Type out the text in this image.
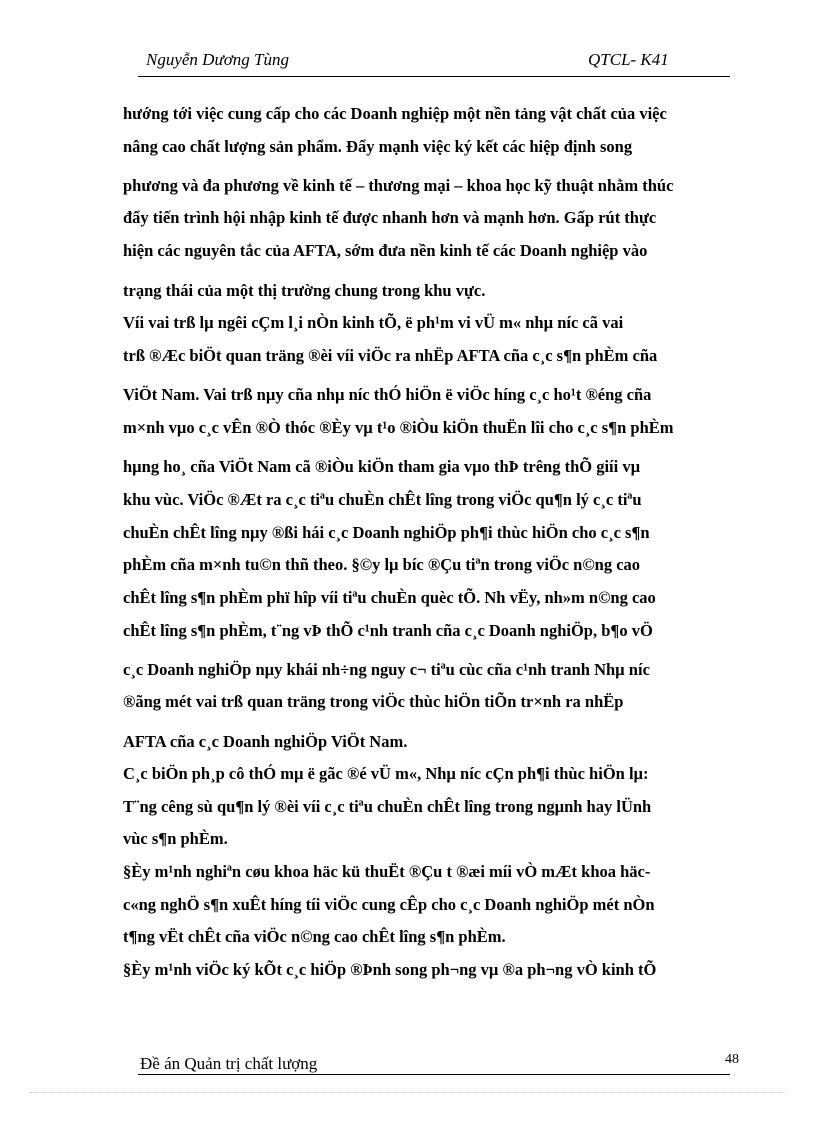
Nguyễn Dương Tùng	QTCL- K41
hướng tới việc cung cấp cho các Doanh nghiệp một nền tảng vật chất của việc
nâng cao chất lượng sản phẩm. Đẩy mạnh việc ký kết các hiệp định song
phương và đa phương về kinh tế – thương mại – khoa học kỹ thuật nhằm thúc
đẩy tiến trình hội nhập kinh tế được nhanh hơn và mạnh hơn. Gấp rút thực
hiện các nguyên tắc của AFTA, sớm đưa nền kinh tế các Doanh nghiệp vào
trạng thái của một thị trường chung trong khu vực.
Víi vai trß lµ ngêi cÇm l¸i nÒn kinh tÕ, ë ph¹m vi vÜ m« nhµ níc cã vai
trß ®Æc biÖt quan träng ®èi víi viÖc ra nhËp AFTA cña c¸c s¶n phÈm cña
ViÖt Nam. Vai trß nµy cña nhµ níc thÓ hiÖn ë viÖc híng c¸c ho¹t ®éng cña
m×nh vµo c¸c vÊn ®Ò thóc ®Èy vµ t¹o ®iÒu kiÖn thuËn lîi cho c¸c s¶n phÈm
hµng ho¸ cña ViÖt Nam cã ®iÒu kiÖn tham gia vµo thÞ trêng thÕ giíi vµ
khu vùc. ViÖc ®Æt ra c¸c tiªu chuÈn chÊt lîng trong viÖc qu¶n lý c¸c tiªu
chuÈn chÊt lîng nµy ®ßi hái c¸c Doanh nghiÖp ph¶i thùc hiÖn cho c¸c s¶n
phÈm cña m×nh tu©n thñ theo. §©y lµ bíc ®Çu tiªn trong viÖc n©ng cao
chÊt lîng s¶n phÈm phï hîp víi tiªu chuÈn quèc tÕ. Nh vËy, nh»m n©ng cao
chÊt lîng s¶n phÈm, t¨ng vÞ thÕ c¹nh tranh cña c¸c Doanh nghiÖp, b¶o vÖ
c¸c Doanh nghiÖp nµy khái nh÷ng nguy c¬ tiªu cùc cña c¹nh tranh Nhµ níc
®ãng mét vai trß quan träng trong viÖc thùc hiÖn tiÕn tr×nh ra nhËp
AFTA cña c¸c Doanh nghiÖp ViÖt Nam.
C¸c biÖn ph¸p cô thÓ mµ ë gãc ®é vÜ m«, Nhµ níc cÇn ph¶i thùc hiÖn lµ:
T¨ng cêng sù qu¶n lý ®èi víi c¸c tiªu chuÈn chÊt lîng trong ngµnh hay lÜnh
vùc s¶n phÈm.
§Èy m¹nh nghiªn cøu khoa häc kü thuËt ®Çu t ®æi míi vÒ mÆt khoa häc-
c«ng nghÖ s¶n xuÊt híng tíi viÖc cung cÊp cho c¸c Doanh nghiÖp mét nÒn
t¶ng vËt chÊt cña viÖc n©ng cao chÊt lîng s¶n phÈm.
§Èy m¹nh viÖc ký kÕt c¸c hiÖp ®Þnh song ph¬ng vµ ®a ph¬ng vÒ kinh tÕ
Đề án Quản trị chất lượng	48
